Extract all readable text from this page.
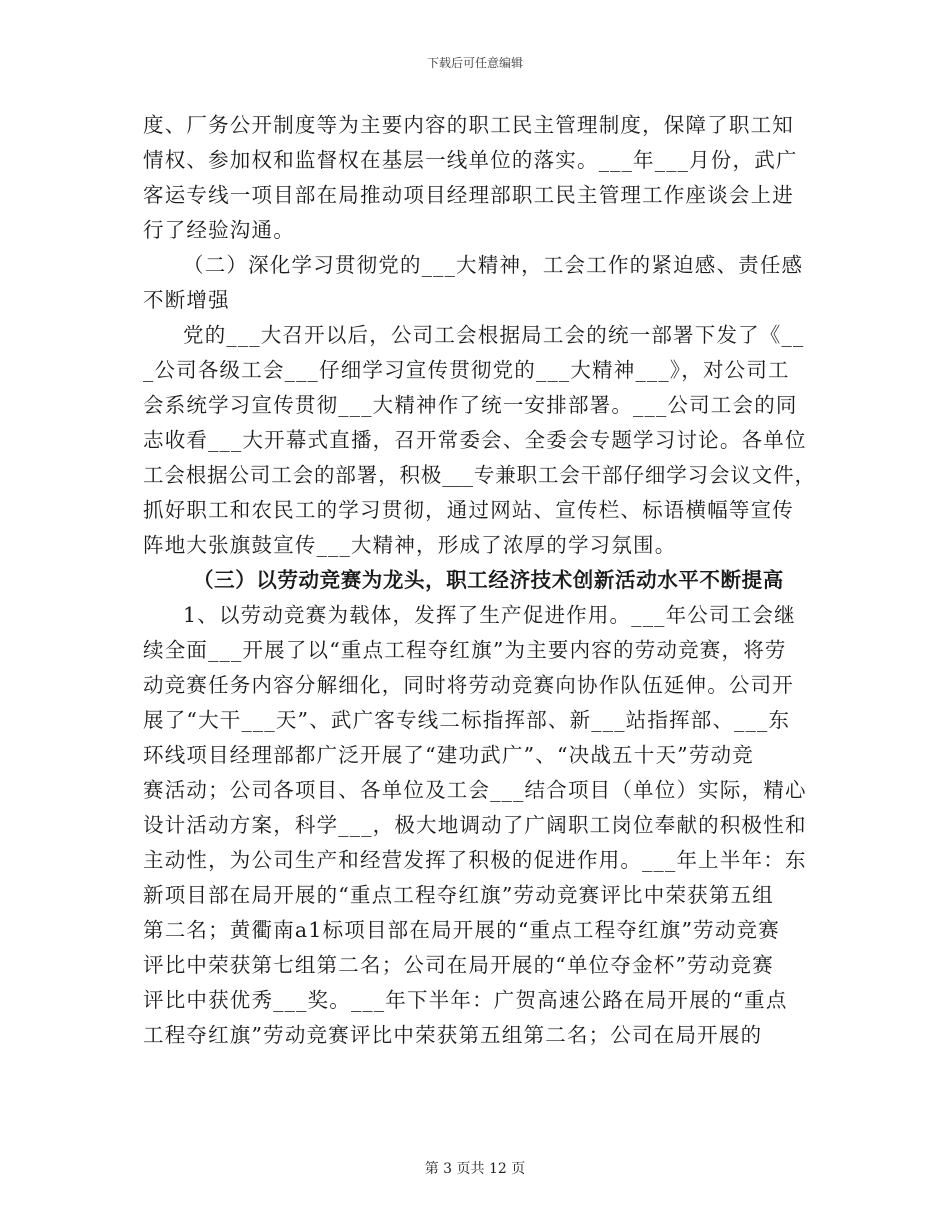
下载后可任意编辑
度、厂务公开制度等为主要内容的职工民主管理制度，保障了职工知
情权、参加权和监督权在基层一线单位的落实。___年___月份，武广
客运专线一项目部在局推动项目经理部职工民主管理工作座谈会上进
行了经验沟通。
（二）深化学习贯彻党的___大精神，工会工作的紧迫感、责任感
不断增强
党的___大召开以后，公司工会根据局工会的统一部署下发了《__
_公司各级工会___仔细学习宣传贯彻党的___大精神___》，对公司工
会系统学习宣传贯彻___大精神作了统一安排部署。___公司工会的同
志收看___大开幕式直播，召开常委会、全委会专题学习讨论。各单位
工会根据公司工会的部署，积极___专兼职工会干部仔细学习会议文件，
抓好职工和农民工的学习贯彻，通过网站、宣传栏、标语横幅等宣传
阵地大张旗鼓宣传___大精神，形成了浓厚的学习氛围。
（三）以劳动竞赛为龙头，职工经济技术创新活动水平不断提高
1、以劳动竞赛为载体，发挥了生产促进作用。___年公司工会继
续全面___开展了以“重点工程夺红旗”为主要内容的劳动竞赛，将劳
动竞赛任务内容分解细化，同时将劳动竞赛向协作队伍延伸。公司开
展了“大干___天”、武广客专线二标指挥部、新___站指挥部、___东
环线项目经理部都广泛开展了“建功武广”、“决战五十天”劳动竞
赛活动；公司各项目、各单位及工会___结合项目（单位）实际，精心
设计活动方案，科学___，极大地调动了广阔职工岗位奉献的积极性和
主动性，为公司生产和经营发挥了积极的促进作用。___年上半年：东
新项目部在局开展的“重点工程夺红旗”劳动竞赛评比中荣获第五组
第二名；黄衢南a1标项目部在局开展的“重点工程夺红旗”劳动竞赛
评比中荣获第七组第二名；公司在局开展的“单位夺金杯”劳动竞赛
评比中获优秀___奖。___年下半年：广贺高速公路在局开展的“重点
工程夺红旗”劳动竞赛评比中荣获第五组第二名；公司在局开展的
第 3 页共 12 页
